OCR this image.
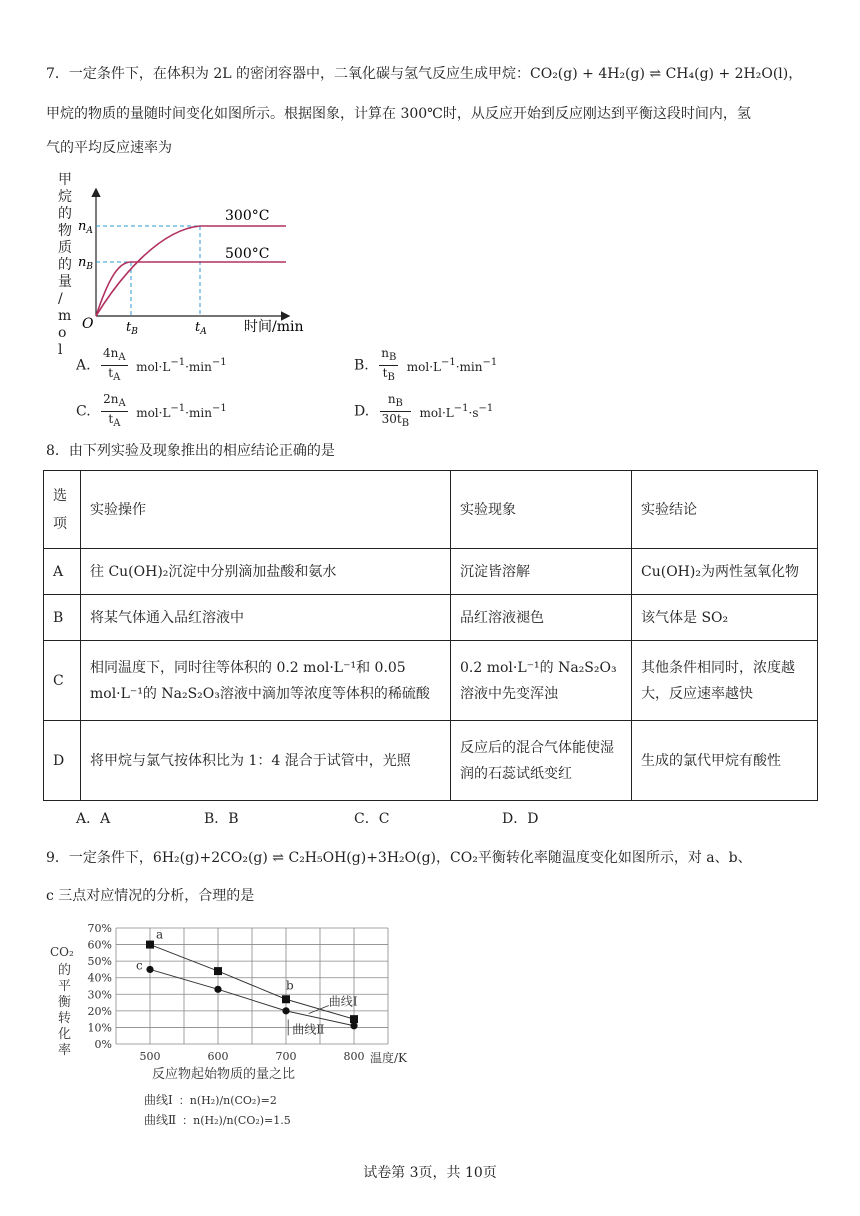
7．一定条件下，在体积为 2L 的密闭容器中，二氧化碳与氢气反应生成甲烷：CO₂(g) + 4H₂(g) ⇌ CH₄(g) + 2H₂O(l)，
甲烷的物质的量随时间变化如图所示。根据图象，计算在 300℃时，从反应开始到反应刚达到平衡这段时间内，氢
气的平均反应速率为
甲
烷
的
物
质
的
量
/
m
o
l
300°C
500°C
$n_A$
$n_B$
O	$t_B$	$t_A$	时间/min
A. $\frac{4n_A}{t_A} mol\cdot L^{-1}\cdot\min^{-1}$	B. $\frac{n_B}{t_B} mol\cdot L^{-1}\cdot\min^{-1}$
C. $\frac{2n_A}{t_A} mol\cdot L^{-1}\cdot\min^{-1}$	D. $\frac{n_B}{30t_B} mol\cdot L^{-1}\cdot s^{-1}$
8．由下列实验及现象推出的相应结论正确的是
选项	实验操作	实验现象	实验结论
A	往 Cu(OH)₂沉淀中分别滴加盐酸和氨水	沉淀皆溶解	Cu(OH)₂为两性氢氧化物
B	将某气体通入品红溶液中	品红溶液褪色	该气体是 SO₂
C	相同温度下，同时往等体积的 0.2 mol·L⁻¹和 0.05 mol·L⁻¹的 Na₂S₂O₃溶液中滴加等浓度等体积的稀硫酸	0.2 mol·L⁻¹的 Na₂S₂O₃溶液中先变浑浊	其他条件相同时，浓度越大，反应速率越快
D	将甲烷与氯气按体积比为 1：4 混合于试管中，光照	反应后的混合气体能使湿润的石蕊试纸变红	生成的氯代甲烷有酸性
A．A	B．B	C．C	D．D
9．一定条件下，6H₂(g)+2CO₂(g) ⇌ C₂H₅OH(g)+3H₂O(g)，CO₂平衡转化率随温度变化如图所示，对 a、b、
c 三点对应情况的分析，合理的是
CO₂
的
平
衡
转
化
率
70%
60%
50%
40%
30%
20%
10%
0%
500	600	700	800
a
b
c
曲线Ⅰ
曲线Ⅱ
温度/K
反应物起始物质的量之比
曲线Ⅰ ：n(H₂)/n(CO₂)=2
曲线Ⅱ ：n(H₂)/n(CO₂)=1.5
试卷第 3页，共 10页
